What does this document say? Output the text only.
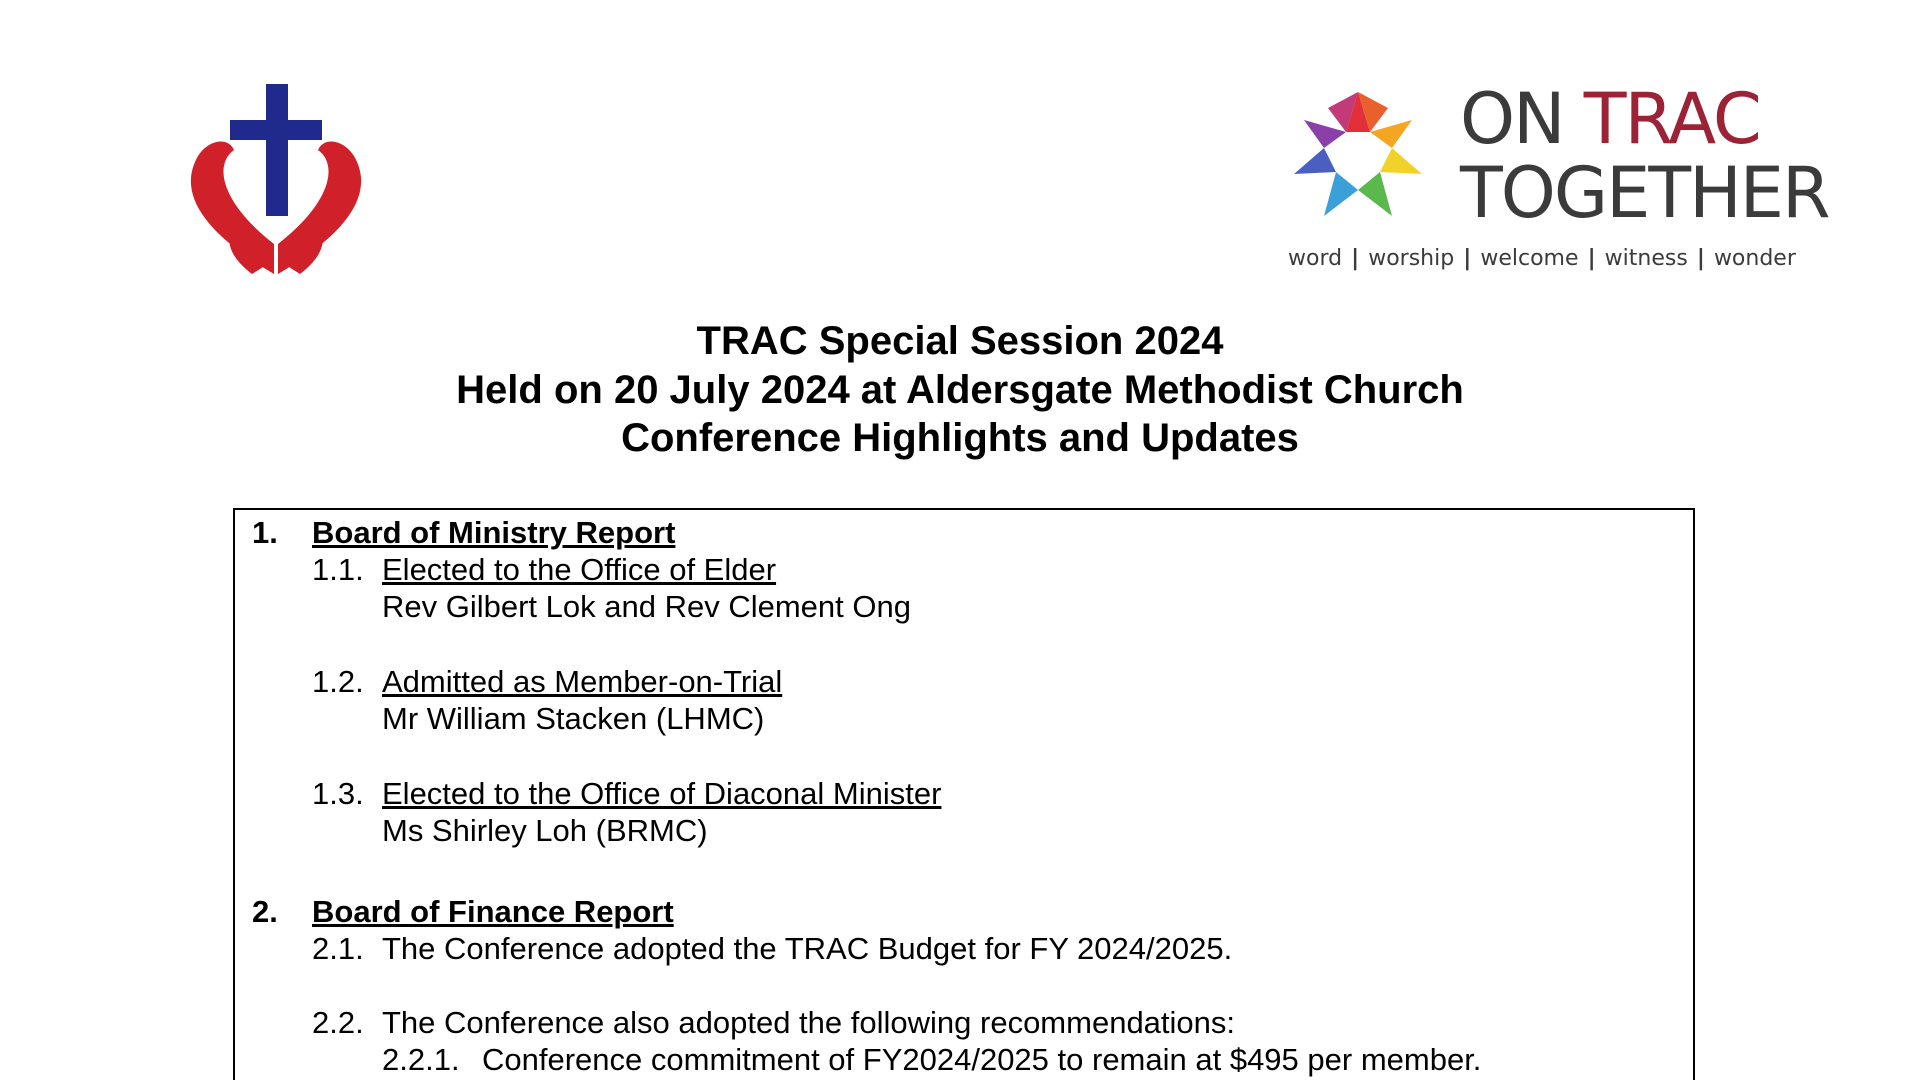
ON TRAC
TOGETHER
word | worship | welcome | witness | wonder
TRAC Special Session 2024
Held on 20 July 2024 at Aldersgate Methodist Church
Conference Highlights and Updates
1. Board of Ministry Report
1.1. Elected to the Office of Elder
Rev Gilbert Lok and Rev Clement Ong
1.2. Admitted as Member-on-Trial
Mr William Stacken (LHMC)
1.3. Elected to the Office of Diaconal Minister
Ms Shirley Loh (BRMC)
2. Board of Finance Report
2.1. The Conference adopted the TRAC Budget for FY 2024/2025.
2.2. The Conference also adopted the following recommendations:
2.2.1. Conference commitment of FY2024/2025 to remain at $495 per member.
